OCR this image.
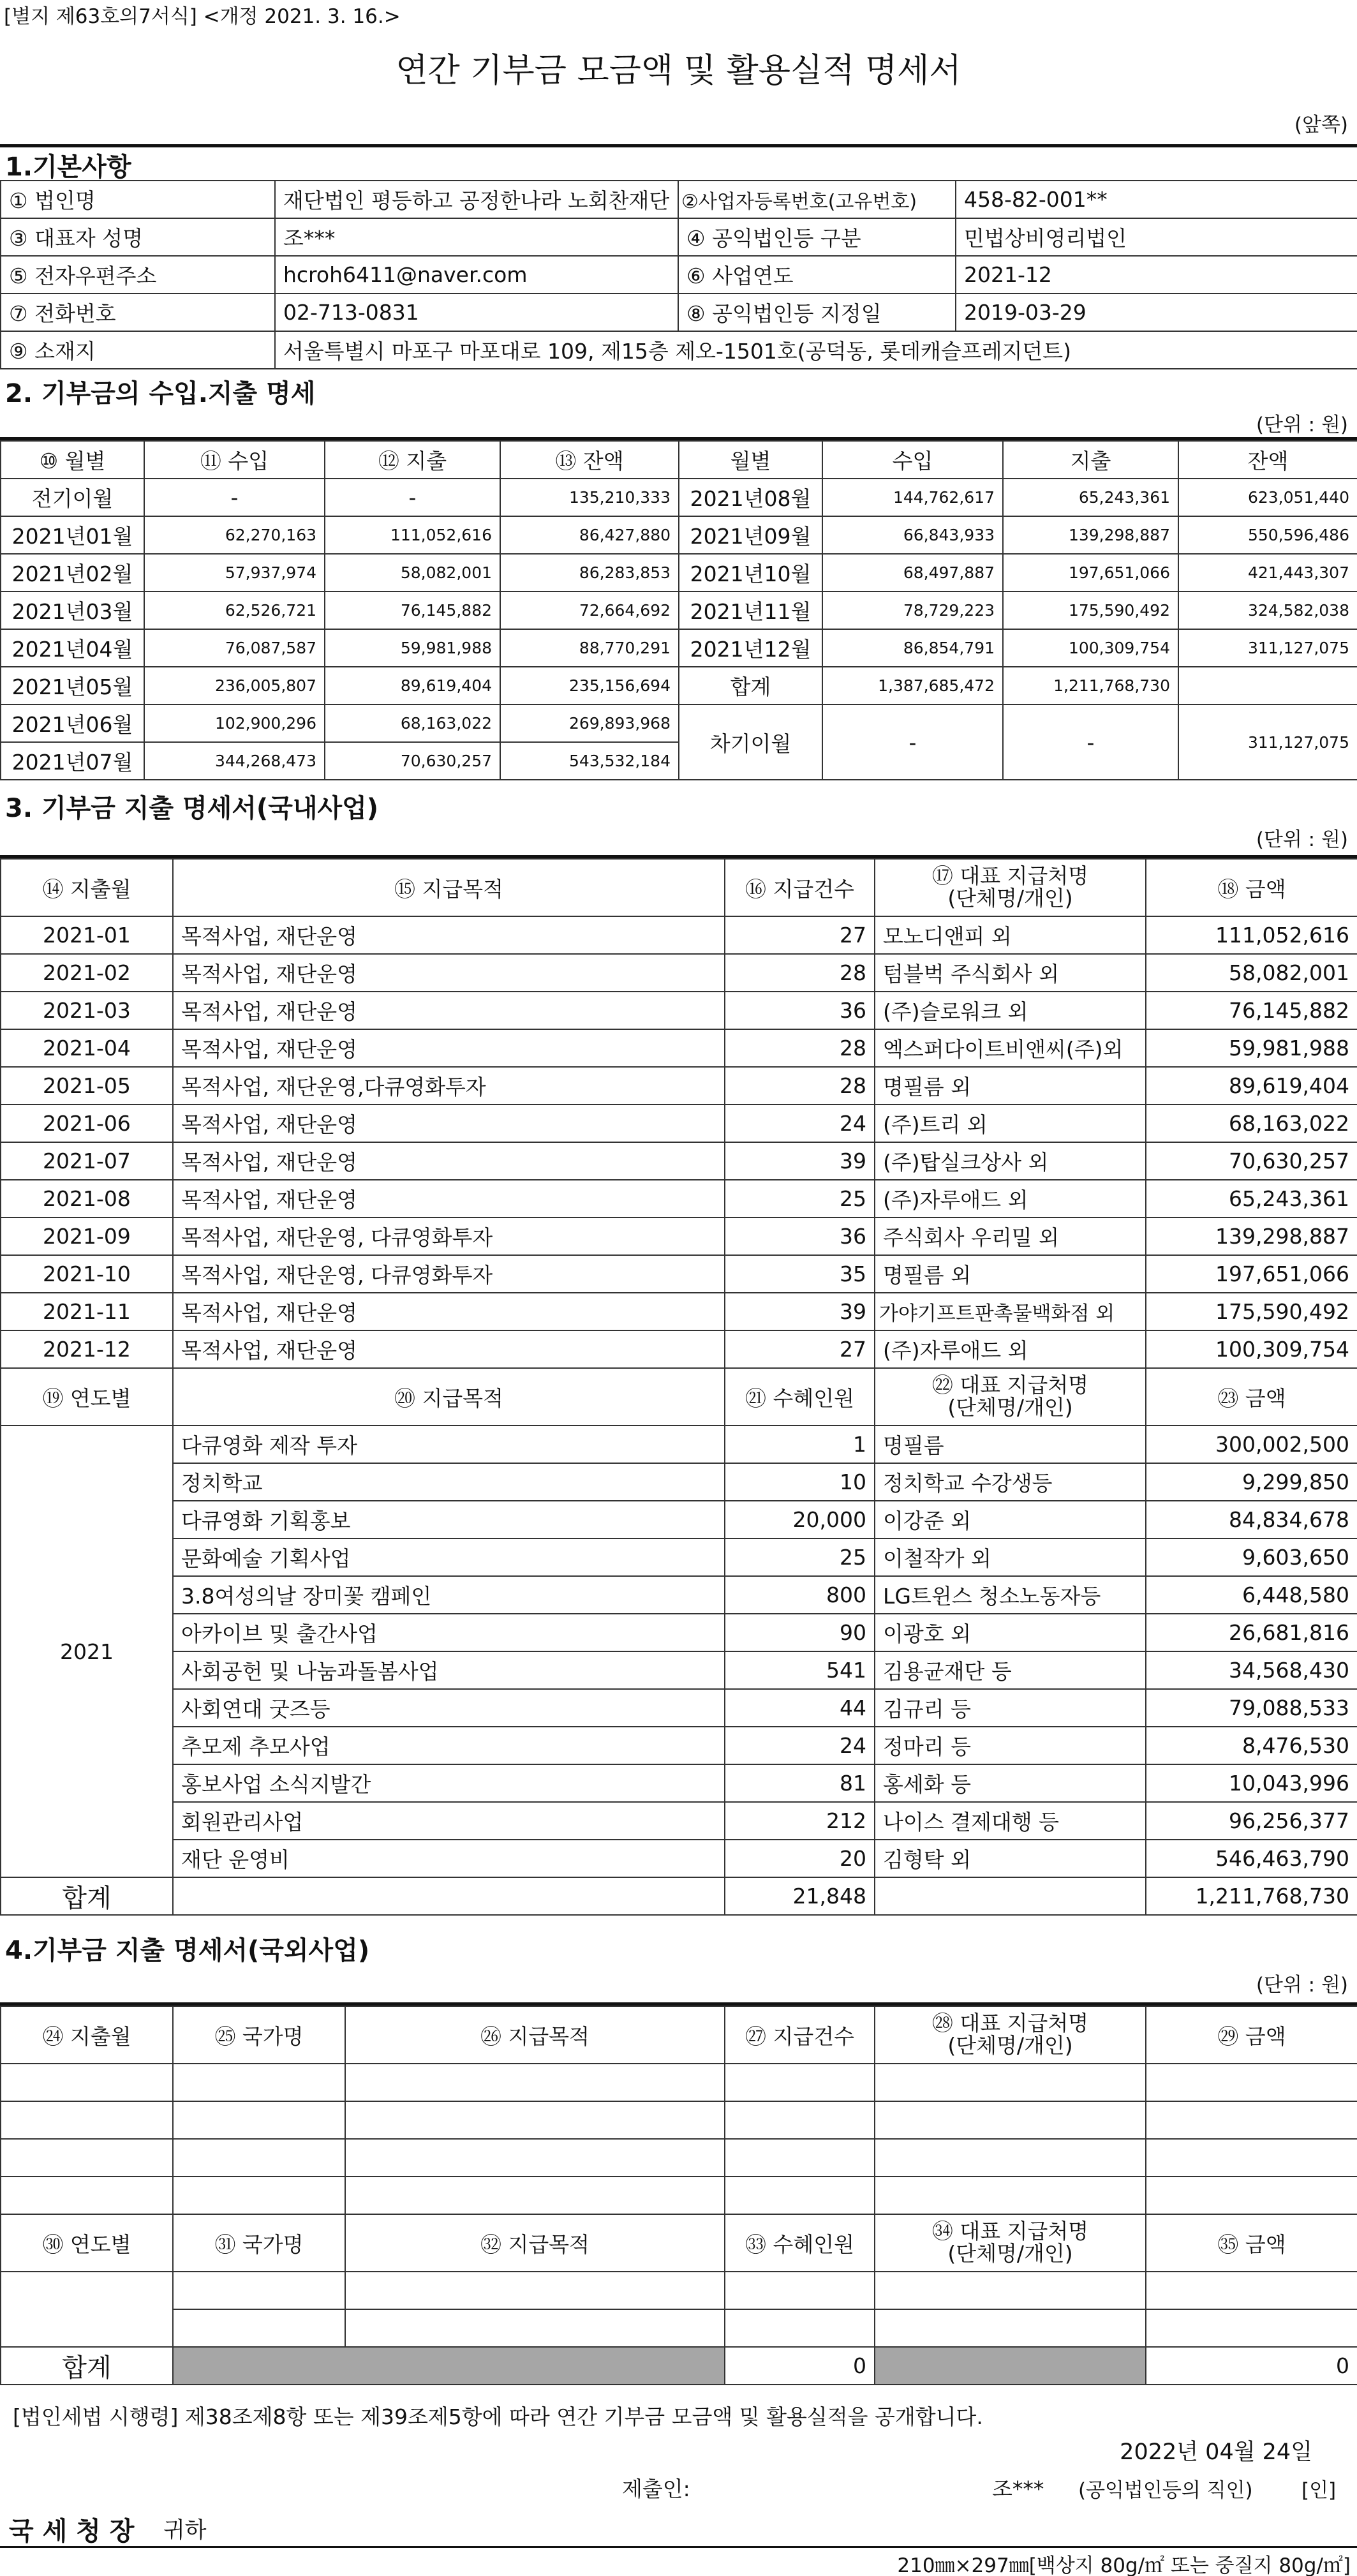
[별지 제63호의7서식] <개정 2021. 3. 16.>
연간 기부금 모금액 및 활용실적 명세서
(앞쪽)
1.기본사항
① 법인명	재단법인 평등하고 공정한나라 노회찬재단	②사업자등록번호(고유번호)	458-82-001**
③ 대표자 성명	조***	④ 공익법인등 구분	민법상비영리법인
⑤ 전자우편주소	hcroh6411@naver.com	⑥ 사업연도	2021-12
⑦ 전화번호	02-713-0831	⑧ 공익법인등 지정일	2019-03-29
⑨ 소재지	서울특별시 마포구 마포대로 109, 제15층 제오-1501호(공덕동, 롯데캐슬프레지던트)		
2. 기부금의 수입.지출 명세
(단위 : 원)
⑩ 월별	⑪ 수입	⑫ 지출	⑬ 잔액	월별	수입	지출	잔액
전기이월	-	-	135,210,333	2021년08월	144,762,617	65,243,361	623,051,440
2021년01월	62,270,163	111,052,616	86,427,880	2021년09월	66,843,933	139,298,887	550,596,486
2021년02월	57,937,974	58,082,001	86,283,853	2021년10월	68,497,887	197,651,066	421,443,307
2021년03월	62,526,721	76,145,882	72,664,692	2021년11월	78,729,223	175,590,492	324,582,038
2021년04월	76,087,587	59,981,988	88,770,291	2021년12월	86,854,791	100,309,754	311,127,075
2021년05월	236,005,807	89,619,404	235,156,694	합계	1,387,685,472	1,211,768,730	
2021년06월	102,900,296	68,163,022	269,893,968	차기이월	-	-	311,127,075
2021년07월	344,268,473	70,630,257	543,532,184				
3. 기부금 지출 명세서(국내사업)
(단위 : 원)
⑭ 지출월	⑮ 지급목적	⑯ 지급건수	⑰ 대표 지급처명
(단체명/개인)	⑱ 금액
2021-01	목적사업, 재단운영	27	모노디앤피 외	111,052,616
2021-02	목적사업, 재단운영	28	텀블벅 주식회사 외	58,082,001
2021-03	목적사업, 재단운영	36	(주)슬로워크 외	76,145,882
2021-04	목적사업, 재단운영	28	엑스퍼다이트비앤씨(주)외	59,981,988
2021-05	목적사업, 재단운영,다큐영화투자	28	명필름 외	89,619,404
2021-06	목적사업, 재단운영	24	(주)트리 외	68,163,022
2021-07	목적사업, 재단운영	39	(주)탑실크상사 외	70,630,257
2021-08	목적사업, 재단운영	25	(주)자루애드 외	65,243,361
2021-09	목적사업, 재단운영, 다큐영화투자	36	주식회사 우리밀 외	139,298,887
2021-10	목적사업, 재단운영, 다큐영화투자	35	명필름 외	197,651,066
2021-11	목적사업, 재단운영	39	가야기프트판촉물백화점 외	175,590,492
2021-12	목적사업, 재단운영	27	(주)자루애드 외	100,309,754
⑲ 연도별	⑳ 지급목적	㉑ 수혜인원	㉒ 대표 지급처명
(단체명/개인)	㉓ 금액
2021	다큐영화 제작 투자	1	명필름	300,002,500
	정치학교	10	정치학교 수강생등	9,299,850
	다큐영화 기획홍보	20,000	이강준 외	84,834,678
	문화예술 기획사업	25	이철작가 외	9,603,650
	3.8여성의날 장미꽃 캠페인	800	LG트윈스 청소노동자등	6,448,580
	아카이브 및 출간사업	90	이광호 외	26,681,816
	사회공헌 및 나눔과돌봄사업	541	김용균재단 등	34,568,430
	사회연대 굿즈등	44	김규리 등	79,088,533
	추모제 추모사업	24	정마리 등	8,476,530
	홍보사업 소식지발간	81	홍세화 등	10,043,996
	회원관리사업	212	나이스 결제대행 등	96,256,377
	재단 운영비	20	김형탁 외	546,463,790
합계		21,848		1,211,768,730
4.기부금 지출 명세서(국외사업)
(단위 : 원)
㉔ 지출월	㉕ 국가명	㉖ 지급목적	㉗ 지급건수	㉘ 대표 지급처명
(단체명/개인)	㉙ 금액

㉚ 연도별	㉛ 국가명	㉜ 지급목적	㉝ 수혜인원	㉞ 대표 지급처명
(단체명/개인)	㉟ 금액

합계			0		0
[법인세법 시행령] 제38조제8항 또는 제39조제5항에 따라 연간 기부금 모금액 및 활용실적을 공개합니다.
2022년 04월 24일
제출인:	조*** (공익법인등의 직인) [인]
국 세 청 장 귀하
210㎜×297㎜[백상지 80g/㎡ 또는 중질지 80g/㎡]
